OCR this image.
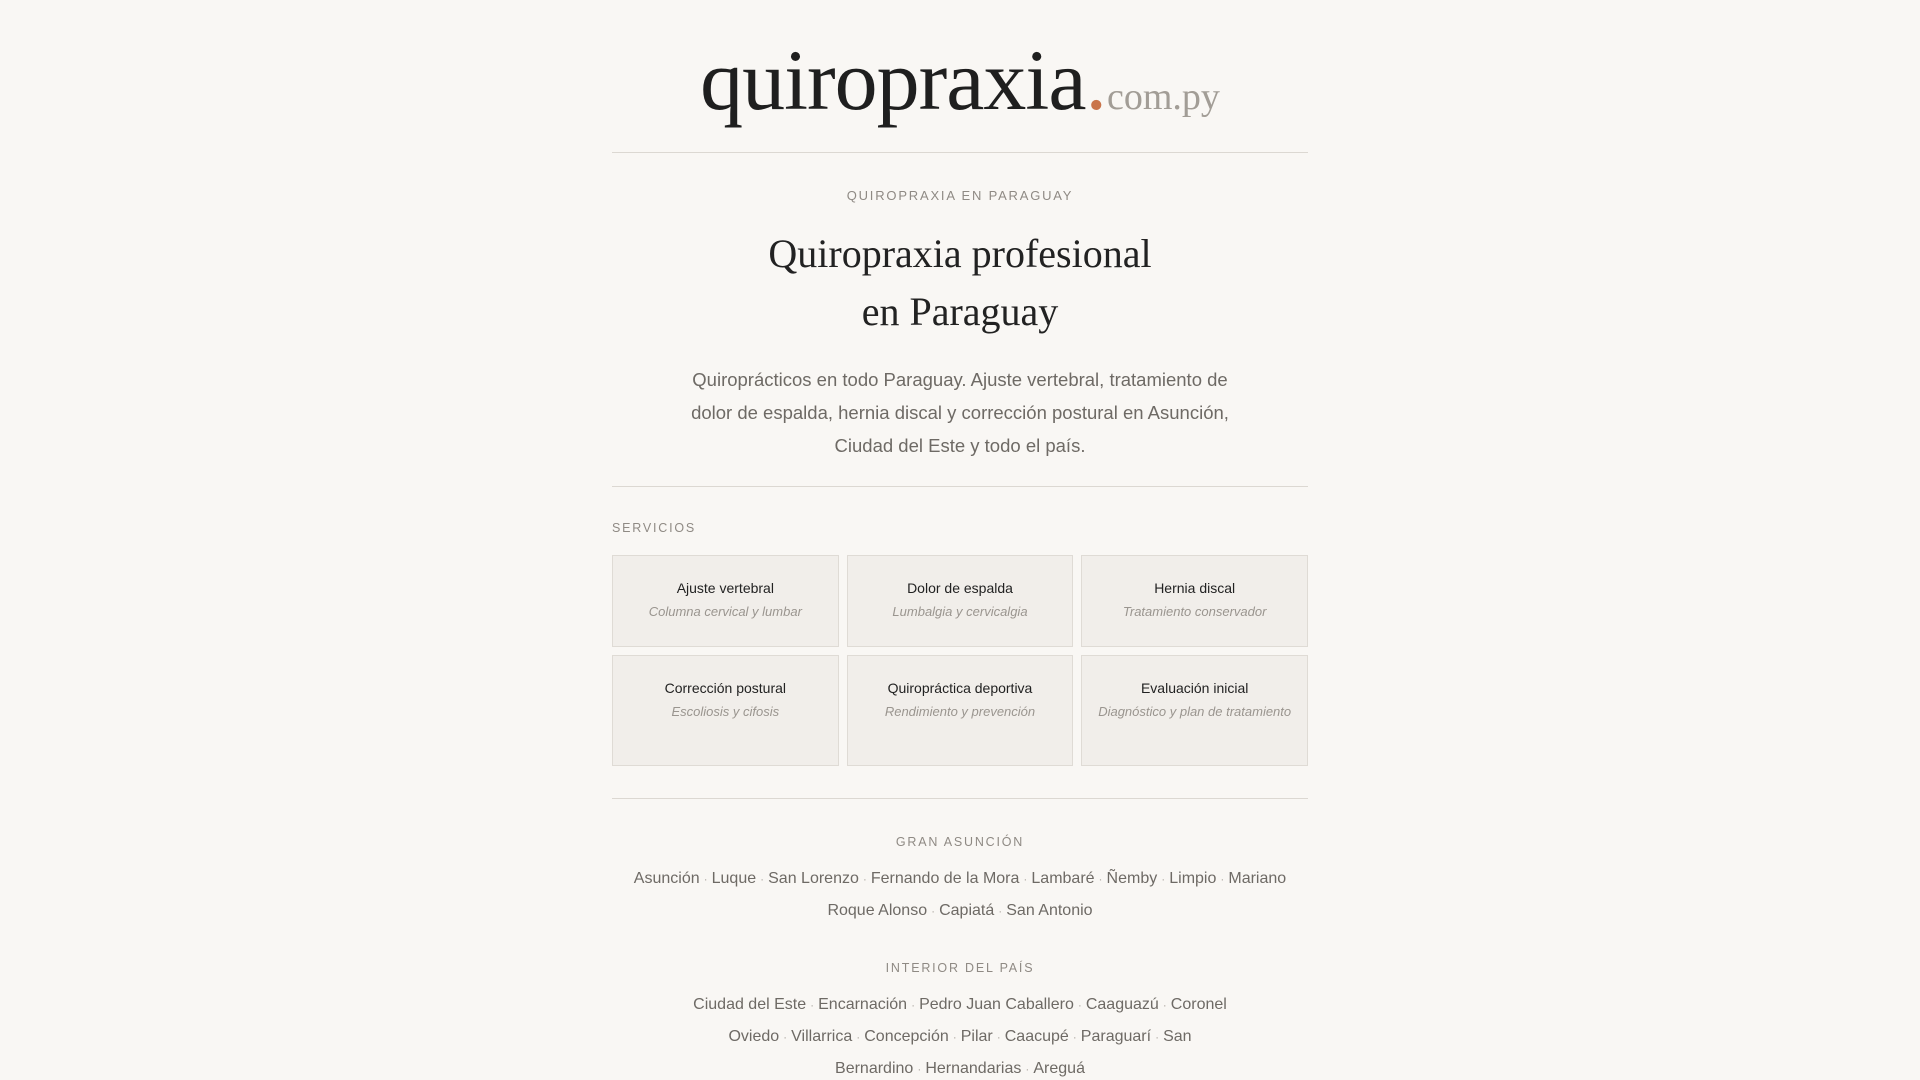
quiropraxia.com.py
QUIROPRAXIA EN PARAGUAY
Quiropraxia profesional
en Paraguay

Quiroprácticos en todo Paraguay. Ajuste vertebral, tratamiento de dolor de espalda, hernia discal y corrección postural en Asunción, Ciudad del Este y todo el país.

SERVICIOS
Ajuste vertebral
Columna cervical y lumbar
Dolor de espalda
Lumbalgia y cervicalgia
Hernia discal
Tratamiento conservador
Corrección postural
Escoliosis y cifosis
Quiropráctica deportiva
Rendimiento y prevención
Evaluación inicial
Diagnóstico y plan de tratamiento
GRAN ASUNCIÓN
Asunción · Luque · San Lorenzo · Fernando de la Mora · Lambaré · Ñemby · Limpio · Mariano Roque Alonso · Capiatá · San Antonio
INTERIOR DEL PAÍS
Ciudad del Este · Encarnación · Pedro Juan Caballero · Caaguazú · Coronel Oviedo · Villarrica · Concepción · Pilar · Caacupé · Paraguarí · San Bernardino · Hernandarias · Areguá
